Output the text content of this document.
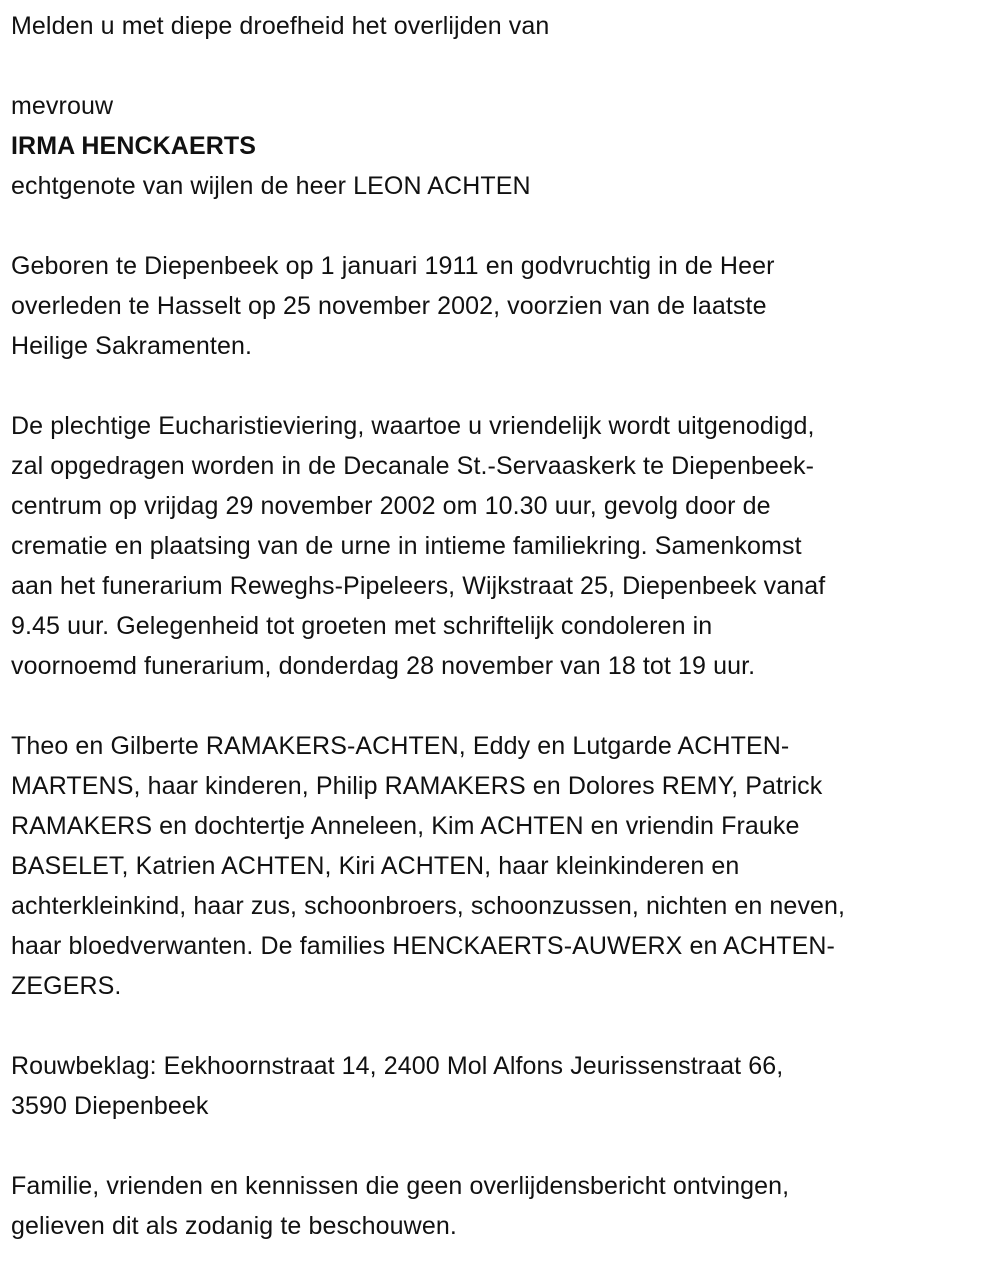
Melden u met diepe droefheid het overlijden van
mevrouw
IRMA HENCKAERTS
echtgenote van wijlen de heer LEON ACHTEN
Geboren te Diepenbeek op 1 januari 1911 en godvruchtig in de Heer
overleden te Hasselt op 25 november 2002, voorzien van de laatste
Heilige Sakramenten.
De plechtige Eucharistieviering, waartoe u vriendelijk wordt uitgenodigd,
zal opgedragen worden in de Decanale St.-Servaaskerk te Diepenbeek-
centrum op vrijdag 29 november 2002 om 10.30 uur, gevolg door de
crematie en plaatsing van de urne in intieme familiekring. Samenkomst
aan het funerarium Reweghs-Pipeleers, Wijkstraat 25, Diepenbeek vanaf
9.45 uur. Gelegenheid tot groeten met schriftelijk condoleren in
voornoemd funerarium, donderdag 28 november van 18 tot 19 uur.
Theo en Gilberte RAMAKERS-ACHTEN, Eddy en Lutgarde ACHTEN-
MARTENS, haar kinderen, Philip RAMAKERS en Dolores REMY, Patrick
RAMAKERS en dochtertje Anneleen, Kim ACHTEN en vriendin Frauke
BASELET, Katrien ACHTEN, Kiri ACHTEN, haar kleinkinderen en
achterkleinkind, haar zus, schoonbroers, schoonzussen, nichten en neven,
haar bloedverwanten. De families HENCKAERTS-AUWERX en ACHTEN-
ZEGERS.
Rouwbeklag: Eekhoornstraat 14, 2400 Mol Alfons Jeurissenstraat 66,
3590 Diepenbeek
Familie, vrienden en kennissen die geen overlijdensbericht ontvingen,
gelieven dit als zodanig te beschouwen.
